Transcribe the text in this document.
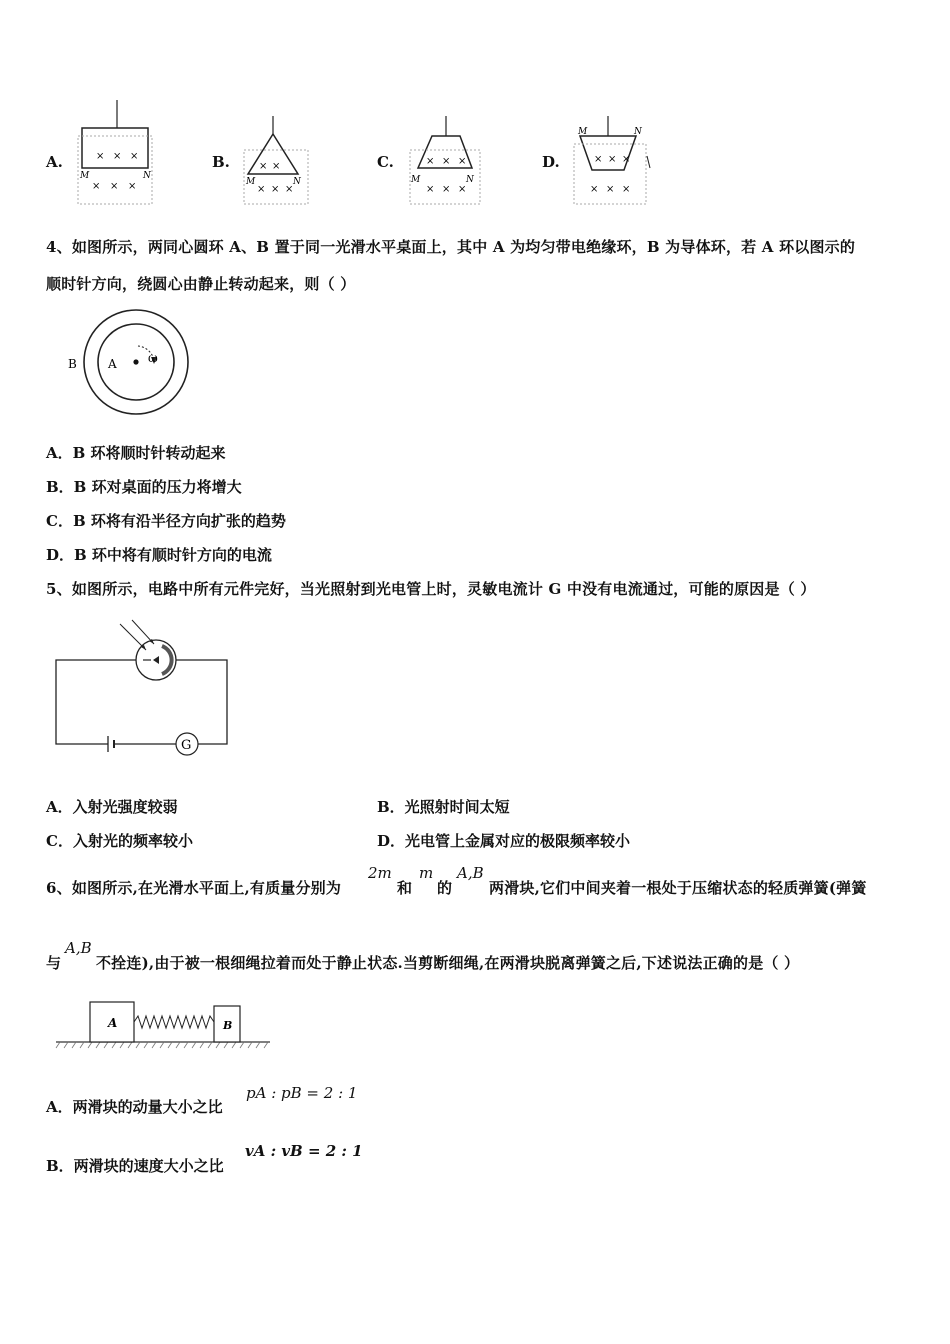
A.	× × ×
× × ×
M	N
B.	× ×
× × ×
M	N
C.	× × ×
× × ×
M	N
D.	× × ×
× × ×
M	N
4、如图所示，两同心圆环 A、B 置于同一光滑水平桌面上，其中 A 为均匀带电绝缘环，B 为导体环，若 A 环以图示的
顺时针方向，绕圆心由静止转动起来，则（ ）
A
B	ω
A．B 环将顺时针转动起来
B．B 环对桌面的压力将增大
C．B 环将有沿半径方向扩张的趋势
D．B 环中将有顺时针方向的电流
5、如图所示，电路中所有元件完好，当光照射到光电管上时，灵敏电流计 G 中没有电流通过，可能的原因是（ ）
G
A．入射光强度较弱	B．光照射时间太短
C．入射光的频率较小	D．光电管上金属对应的极限频率较小
6、如图所示,在光滑水平面上,有质量分别为
2m
和
m
的
A,B
两滑块,它们中间夹着一根处于压缩状态的轻质弹簧(弹簧
与
A,B
不拴连),由于被一根细绳拉着而处于静止状态.当剪断细绳,在两滑块脱离弹簧之后,下述说法正确的是（ ）
A	B
A．两滑块的动量大小之比
pA : pB = 2 : 1
B．两滑块的速度大小之比
vA : vB = 2 : 1
